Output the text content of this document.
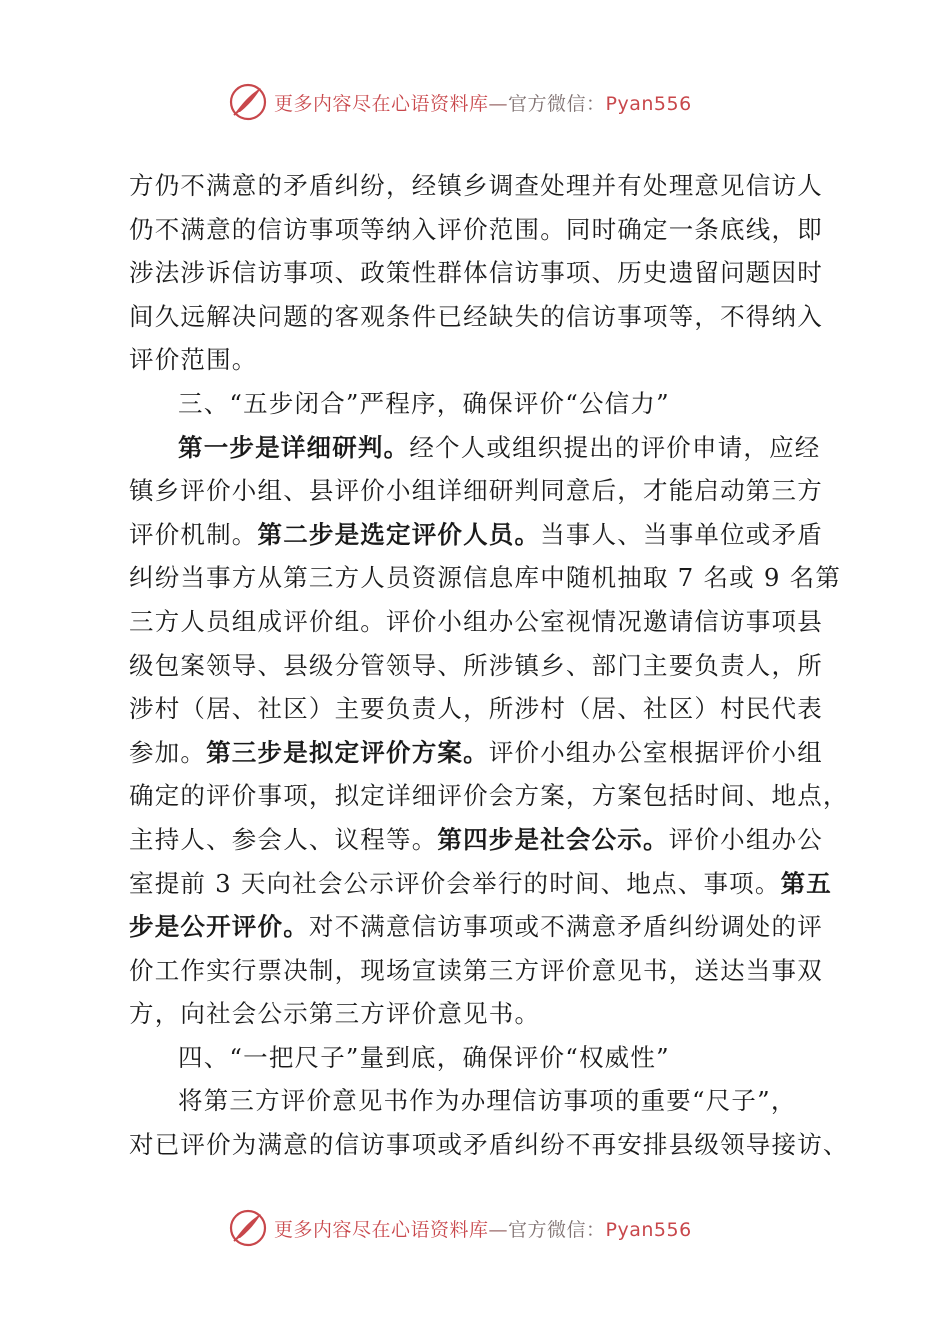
更多内容尽在心语资料库—官方微信：Pyan556
方仍不满意的矛盾纠纷，经镇乡调查处理并有处理意见信访人
仍不满意的信访事项等纳入评价范围。同时确定一条底线，即
涉法涉诉信访事项、政策性群体信访事项、历史遗留问题因时
间久远解决问题的客观条件已经缺失的信访事项等，不得纳入
评价范围。
三、“五步闭合”严程序，确保评价“公信力”
第一步是详细研判。经个人或组织提出的评价申请，应经
镇乡评价小组、县评价小组详细研判同意后，才能启动第三方
评价机制。第二步是选定评价人员。当事人、当事单位或矛盾
纠纷当事方从第三方人员资源信息库中随机抽取 7 名或 9 名第
三方人员组成评价组。评价小组办公室视情况邀请信访事项县
级包案领导、县级分管领导、所涉镇乡、部门主要负责人，所
涉村（居、社区）主要负责人，所涉村（居、社区）村民代表
参加。第三步是拟定评价方案。评价小组办公室根据评价小组
确定的评价事项，拟定详细评价会方案，方案包括时间、地点，
主持人、参会人、议程等。第四步是社会公示。评价小组办公
室提前 3 天向社会公示评价会举行的时间、地点、事项。第五
步是公开评价。对不满意信访事项或不满意矛盾纠纷调处的评
价工作实行票决制，现场宣读第三方评价意见书，送达当事双
方，向社会公示第三方评价意见书。
四、“一把尺子”量到底，确保评价“权威性”
将第三方评价意见书作为办理信访事项的重要“尺子”，
对已评价为满意的信访事项或矛盾纠纷不再安排县级领导接访、
更多内容尽在心语资料库—官方微信：Pyan556
